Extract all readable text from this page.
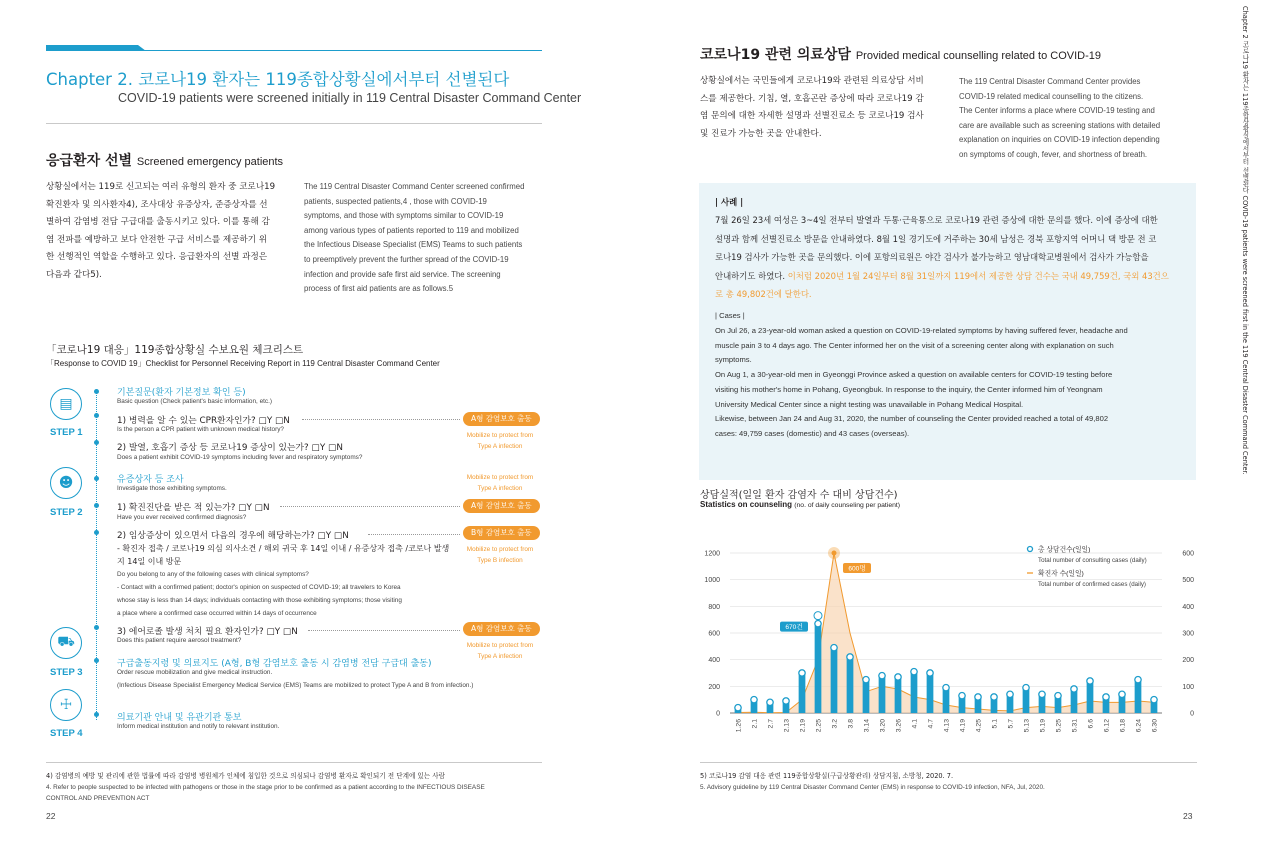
Chapter 2. 코로나19 환자는 119종합상황실에서부터 선별된다
COVID-19 patients were screened initially in 119 Central Disaster Command Center
응급환자 선별 Screened emergency patients
상황실에서는 119로 신고되는 여러 유형의 환자 중 코로나19
확진환자 및 의사환자4), 조사대상 유증상자, 준증상자를 선
별하여 감염병 전담 구급대를 출동시키고 있다. 이를 통해 감
염 전파를 예방하고 보다 안전한 구급 서비스를 제공하기 위
한 선행적인 역할을 수행하고 있다. 응급환자의 선별 과정은
다음과 같다5).
The 119 Central Disaster Command Center screened confirmed
patients, suspected patients,4 , those with COVID-19
symptoms, and those with symptoms similar to COVID-19
among various types of patients reported to 119 and mobilized
the Infectious Disease Specialist (EMS) Teams to such patients
to preemptively prevent the further spread of the COVID-19
infection and provide safe first aid service. The screening
process of first aid patients are as follows.5
「코로나19 대응」119종합상황실 수보요원 체크리스트
「Response to COVID 19」Checklist for Personnel Receiving Report in 119 Central Disaster Command Center
▤
STEP 1
☻
STEP 2
⛟
STEP 3
☩
STEP 4
기본질문(환자 기본정보 확인 등)
Basic question (Check patient's basic information, etc.)
1) 병력을 알 수 있는 CPR환자인가? □Y □N
Is the person a CPR patient with unknown medical history?
A형 감염보호 출동
Mobilize to protect from
Type A infection
2) 발열, 호흡기 증상 등 코로나19 증상이 있는가? □Y □N
Does a patient exhibit COVID-19 symptoms including fever and respiratory symptoms?
유증상자 등 조사
Investigate those exhibiting symptoms.
Mobilize to protect from
Type A infection
1) 확진진단을 받은 적 있는가? □Y □N
Have you ever received confirmed diagnosis?
A형 감염보호 출동
2) 임상증상이 있으면서 다음의 경우에 해당하는가? □Y □N	B형 감염보호 출동
- 확진자 접촉 / 코로나19 의심 의사소견 / 해외 귀국 후 14일 이내 / 유증상자 접촉 /코로나 발생	Mobilize to protect from
Type B infection
지 14일 이내 방문
Do you belong to any of the following cases with clinical symptoms?
- Contact with a confirmed patient; doctor's opinion on suspected of COVID-19; all travelers to Korea
whose stay is less than 14 days; individuals contacting with those exhibiting symptoms; those visiting
a place where a confirmed case occurred within 14 days of occurrence
3) 에어로졸 발생 처치 필요 환자인가? □Y □N
Does this patient require aerosol treatment?
A형 감염보호 출동
Mobilize to protect from
Type A infection
구급출동지령 및 의료지도 (A형, B형 감염보호 출동 시 감염병 전담 구급대 출동)
Order rescue mobilization and give medical instruction.
(Infectious Disease Specialist Emergency Medical Service (EMS) Teams are mobilized to protect Type A and B from infection.)
의료기관 안내 및 유관기관 통보
Inform medical institution and notify to relevant institution.
4) 감염병의 예방 및 관리에 관한 법률에 따라 감염병 병원체가 인체에 침입한 것으로 의심되나 감염병 환자로 확인되기 전 단계에 있는 사람
4. Refer to people suspected to be infected with pathogens or those in the stage prior to be confirmed as a patient according to the INFECTIOUS DISEASE
CONTROL AND PREVENTION ACT
22
코로나19 관련 의료상담 Provided medical counselling related to COVID-19
상황실에서는 국민들에게 코로나19와 관련된 의료상담 서비
스를 제공한다. 기침, 열, 호흡곤란 증상에 따라 코로나19 감
염 문의에 대한 자세한 설명과 선별진료소 등 코로나19 검사
및 진료가 가능한 곳을 안내한다.
The 119 Central Disaster Command Center provides
COVID-19 related medical counselling to the citizens.
The Center informs a place where COVID-19 testing and
care are available such as screening stations with detailed
explanation on inquiries on COVID-19 infection depending
on symptoms of cough, fever, and shortness of breath.
| 사례 |
7월 26일 23세 여성은 3~4일 전부터 발열과 두통·근육통으로 코로나19 관련 증상에 대한 문의를 했다. 이에 증상에 대한
설명과 함께 선별진료소 방문을 안내하였다. 8월 1일 경기도에 거주하는 30세 남성은 경북 포항지역 어머니 댁 방문 전 코
로나19 검사가 가능한 곳을 문의했다. 이에 포항의료원은 야간 검사가 불가능하고 영남대학교병원에서 검사가 가능함을
안내하기도 하였다. 이처럼 2020년 1월 24일부터 8월 31일까지 119에서 제공한 상담 건수는 국내 49,759건, 국외 43건으
로 총 49,802건에 달한다.
| Cases |
On Jul 26, a 23-year-old woman asked a question on COVID-19-related symptoms by having suffered fever, headache and
muscle pain 3 to 4 days ago. The Center informed her on the visit of a screening center along with explanation on such
symptoms.
On Aug 1, a 30-year-old men in Gyeonggi Province asked a question on available centers for COVID-19 testing before
visiting his mother's home in Pohang, Gyeongbuk. In response to the inquiry, the Center informed him of Yeongnam
University Medical Center since a night testing was unavailable in Pohang Medical Hospital.
Likewise, between Jan 24 and Aug 31, 2020, the number of counseling the Center provided reached a total of 49,802
cases: 49,759 cases (domestic) and 43 cases (overseas).
상담실적(일일 환자 감염자 수 대비 상담건수)
Statistics on counseling (no. of daily counseling per patient)
0
200
400
600
800
1000
1200
0
100
200
300
400
500
600
1.26 2.1 2.7 2.13 2.19 2.25 3.2 3.8 3.14 3.20 3.26 4.1 4.7 4.13 4.19 4.25 5.1 5.7 5.13 5.19 5.25 5.31 6.6 6.12 6.18 6.24 6.30
670건
600명
총 상담건수(일일)
Total number of consulting cases (daily)
확진자 수(일일)
Total number of confirmed cases (daily)
5) 코로나19 감염 대응 관련 119종합상황실(구급상황관리) 상담지침, 소방청, 2020. 7.
5. Advisory guideline by 119 Central Disaster Command Center (EMS) in response to COVID-19 infection, NFA, Jul, 2020.
23
Chapter 2 코로나19 환자는 119종합상황실에서부터 선별된다 COVID-19 patients were screened first in the 119 Central Disaster Command Center.
